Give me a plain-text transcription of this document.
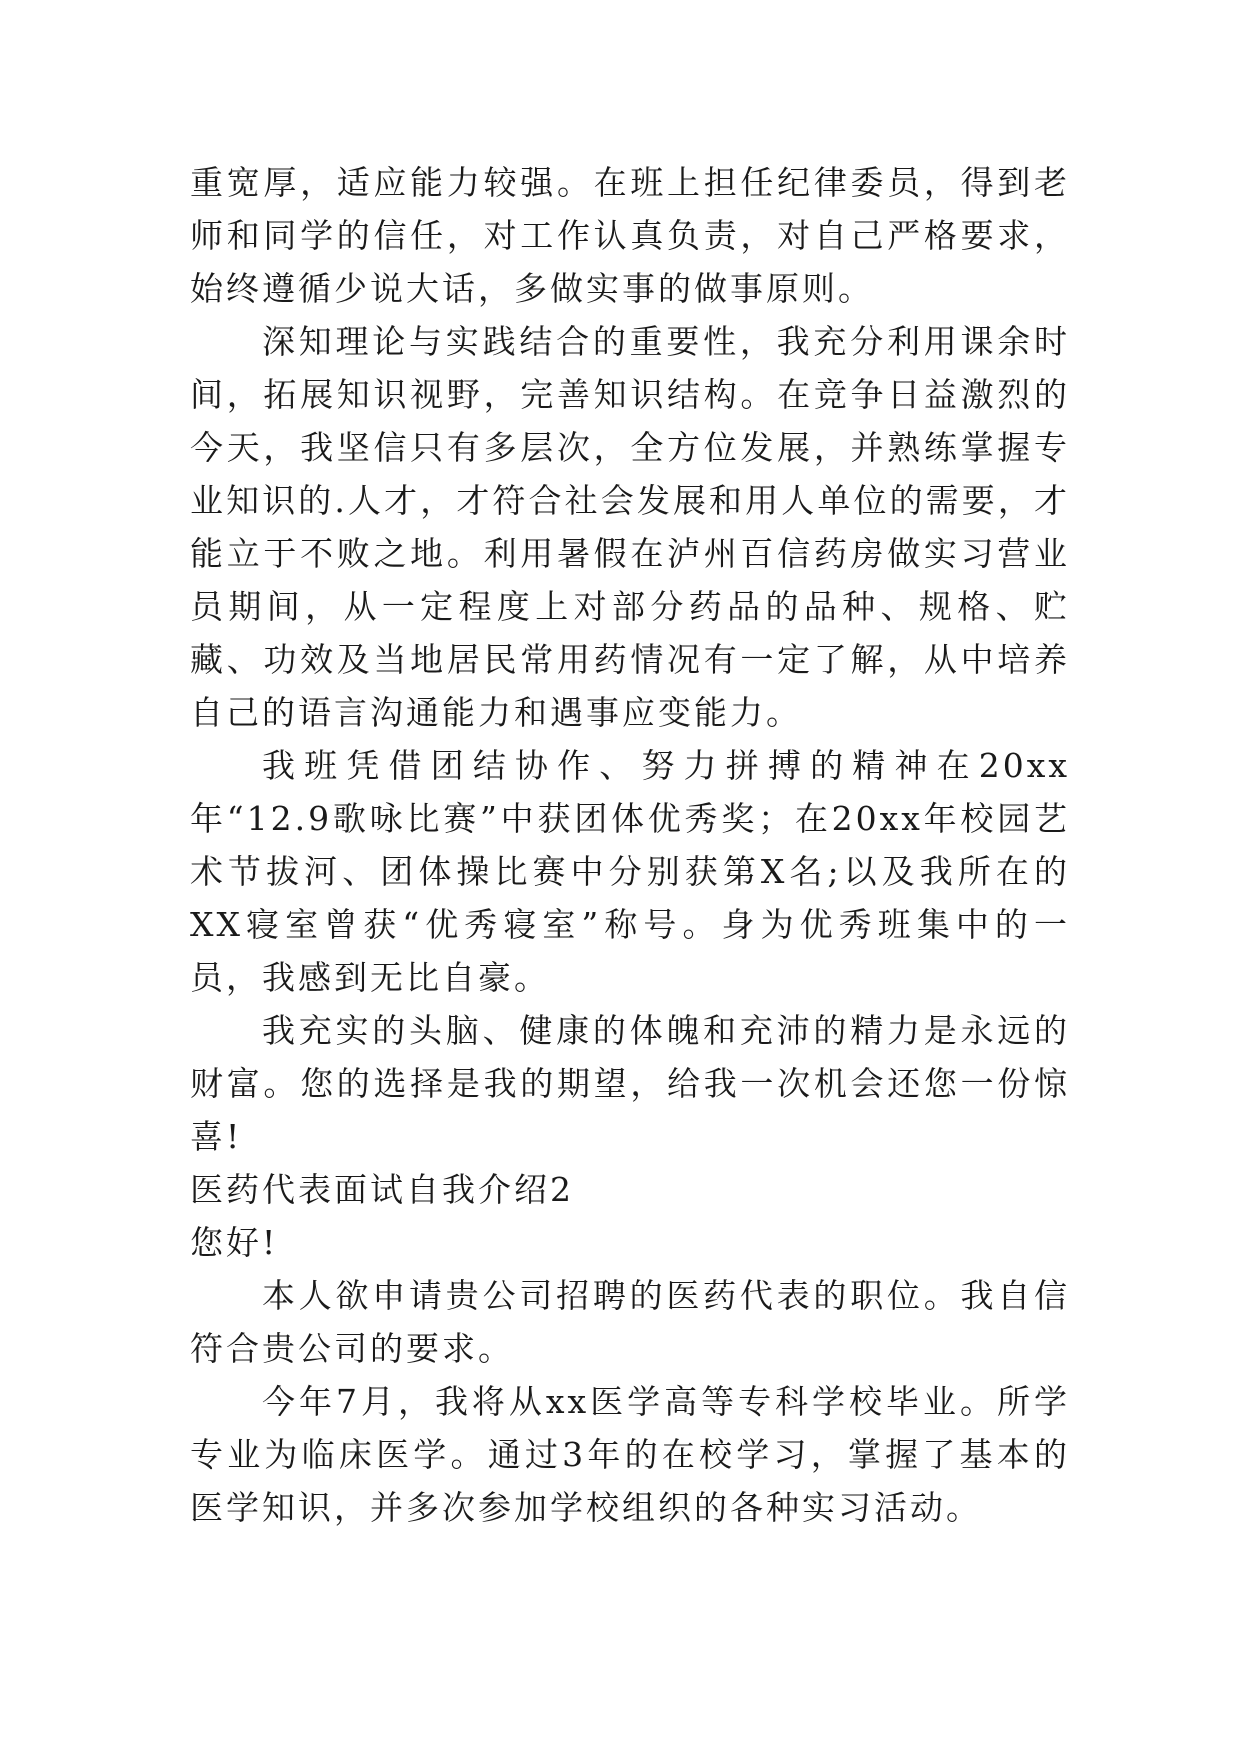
重宽厚，适应能力较强。在班上担任纪律委员，得到老师和同学的信任，对工作认真负责，对自己严格要求，始终遵循少说大话，多做实事的做事原则。

深知理论与实践结合的重要性，我充分利用课余时间，拓展知识视野，完善知识结构。在竞争日益激烈的今天，我坚信只有多层次，全方位发展，并熟练掌握专业知识的.人才，才符合社会发展和用人单位的需要，才能立于不败之地。利用暑假在泸州百信药房做实习营业员期间，从一定程度上对部分药品的品种、规格、贮藏、功效及当地居民常用药情况有一定了解，从中培养自己的语言沟通能力和遇事应变能力。

我班凭借团结协作、努力拼搏的精神在20xx年“12.9歌咏比赛”中获团体优秀奖；在20xx年校园艺术节拔河、团体操比赛中分别获第X名;以及我所在的XX寝室曾获“优秀寝室”称号。身为优秀班集中的一员，我感到无比自豪。

我充实的头脑、健康的体魄和充沛的精力是永远的财富。您的选择是我的期望，给我一次机会还您一份惊喜!

医药代表面试自我介绍2

您好!

本人欲申请贵公司招聘的医药代表的职位。我自信符合贵公司的要求。

今年7月，我将从xx医学高等专科学校毕业。所学专业为临床医学。通过3年的在校学习，掌握了基本的医学知识，并多次参加学校组织的各种实习活动。
